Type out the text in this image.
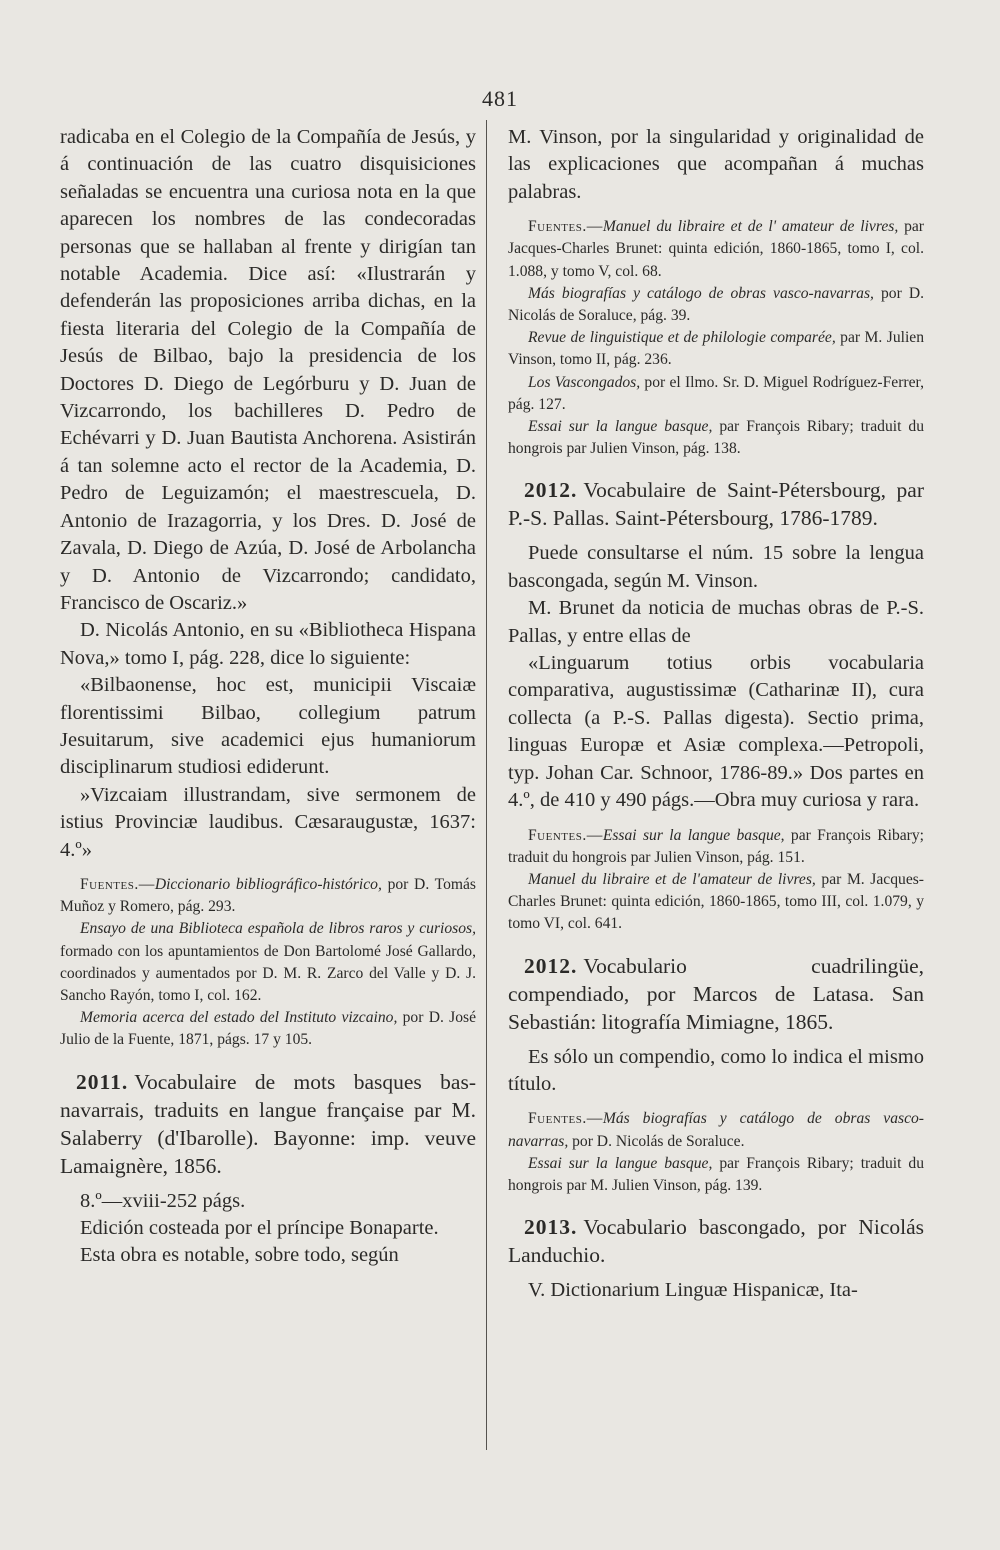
481

radicaba en el Colegio de la Compañía de Jesús, y á continuación de las cuatro disquisiciones señaladas se encuentra una curiosa nota en la que aparecen los nombres de las condecoradas personas que se hallaban al frente y dirigían tan notable Academia. Dice así: «Ilustrarán y defenderán las proposiciones arriba dichas, en la fiesta literaria del Colegio de la Compañía de Jesús de Bilbao, bajo la presidencia de los Doctores D. Diego de Legórburu y D. Juan de Vizcarrondo, los bachilleres D. Pedro de Echévarri y D. Juan Bautista Anchorena. Asistirán á tan solemne acto el rector de la Academia, D. Pedro de Leguizamón; el maestrescuela, D. Antonio de Irazagorria, y los Dres. D. José de Zavala, D. Diego de Azúa, D. José de Arbolancha y D. Antonio de Vizcarrondo; candidato, Francisco de Oscariz.»

D. Nicolás Antonio, en su «Bibliotheca Hispana Nova,» tomo I, pág. 228, dice lo siguiente:

«Bilbaonense, hoc est, municipii Viscaiæ florentissimi Bilbao, collegium patrum Jesuitarum, sive academici ejus humaniorum disciplinarum studiosi ediderunt.

»Vizcaiam illustrandam, sive sermonem de istius Provinciæ laudibus. Cæsaraugustæ, 1637: 4.º»

Fuentes.—Diccionario bibliográfico-histórico, por D. Tomás Muñoz y Romero, pág. 293.

Ensayo de una Biblioteca española de libros raros y curiosos, formado con los apuntamientos de Don Bartolomé José Gallardo, coordinados y aumentados por D. M. R. Zarco del Valle y D. J. Sancho Rayón, tomo I, col. 162.

Memoria acerca del estado del Instituto vizcaino, por D. José Julio de la Fuente, 1871, págs. 17 y 105.

2011. Vocabulaire de mots basques bas-navarrais, traduits en langue française par M. Salaberry (d'Ibarolle). Bayonne: imp. veuve Lamaignère, 1856.

8.º—xviii-252 págs.

Edición costeada por el príncipe Bonaparte.

Esta obra es notable, sobre todo, según

M. Vinson, por la singularidad y originalidad de las explicaciones que acompañan á muchas palabras.

Fuentes.—Manuel du libraire et de l' amateur de livres, par Jacques-Charles Brunet: quinta edición, 1860-1865, tomo I, col. 1.088, y tomo V, col. 68.

Más biografías y catálogo de obras vasco-navarras, por D. Nicolás de Soraluce, pág. 39.

Revue de linguistique et de philologie comparée, par M. Julien Vinson, tomo II, pág. 236.

Los Vascongados, por el Ilmo. Sr. D. Miguel Rodríguez-Ferrer, pág. 127.

Essai sur la langue basque, par François Ribary; traduit du hongrois par Julien Vinson, pág. 138.

2012. Vocabulaire de Saint-Pétersbourg, par P.-S. Pallas. Saint-Pétersbourg, 1786-1789.

Puede consultarse el núm. 15 sobre la lengua bascongada, según M. Vinson.

M. Brunet da noticia de muchas obras de P.-S. Pallas, y entre ellas de

«Linguarum totius orbis vocabularia comparativa, augustissimæ (Catharinæ II), cura collecta (a P.-S. Pallas digesta). Sectio prima, linguas Europæ et Asiæ complexa.—Petropoli, typ. Johan Car. Schnoor, 1786-89.» Dos partes en 4.º, de 410 y 490 págs.—Obra muy curiosa y rara.

Fuentes.—Essai sur la langue basque, par François Ribary; traduit du hongrois par Julien Vinson, pág. 151.

Manuel du libraire et de l'amateur de livres, par M. Jacques-Charles Brunet: quinta edición, 1860-1865, tomo III, col. 1.079, y tomo VI, col. 641.

2012. Vocabulario cuadrilingüe, compendiado, por Marcos de Latasa. San Sebastián: litografía Mimiagne, 1865.

Es sólo un compendio, como lo indica el mismo título.

Fuentes.—Más biografías y catálogo de obras vasco-navarras, por D. Nicolás de Soraluce.

Essai sur la langue basque, par François Ribary; traduit du hongrois par M. Julien Vinson, pág. 139.

2013. Vocabulario bascongado, por Nicolás Landuchio.

V. Dictionarium Linguæ Hispanicæ, Ita-
